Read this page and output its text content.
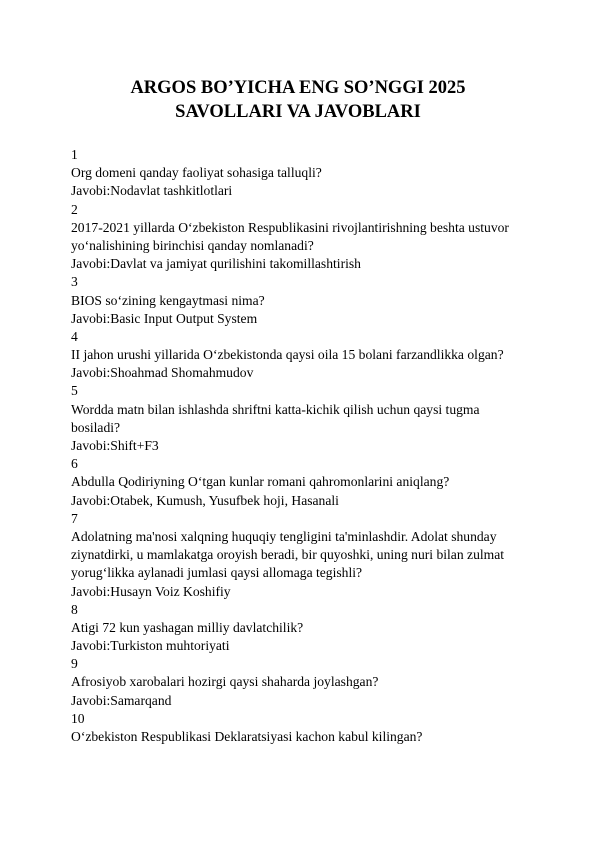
ARGOS BO’YICHA ENG SO’NGGI 2025
SAVOLLARI VA JAVOBLARI
1
Org domeni qanday faoliyat sohasiga talluqli?
Javobi:Nodavlat tashkitlotlari
2
2017-2021 yillarda O‘zbekiston Respublikasini rivojlantirishning beshta ustuvor
yo‘nalishining birinchisi qanday nomlanadi?
Javobi:Davlat va jamiyat qurilishini takomillashtirish
3
BIOS so‘zining kengaytmasi nima?
Javobi:Basic Input Output System
4
II jahon urushi yillarida O‘zbekistonda qaysi oila 15 bolani farzandlikka olgan?
Javobi:Shoahmad Shomahmudov
5
Wordda matn bilan ishlashda shriftni katta-kichik qilish uchun qaysi tugma
bosiladi?
Javobi:Shift+F3
6
Abdulla Qodiriyning O‘tgan kunlar romani qahromonlarini aniqlang?
Javobi:Otabek, Kumush, Yusufbek hoji, Hasanali
7
Adolatning ma'nosi xalqning huquqiy tengligini ta'minlashdir. Adolat shunday
ziynatdirki, u mamlakatga oroyish beradi, bir quyoshki, uning nuri bilan zulmat
yorug‘likka aylanadi jumlasi qaysi allomaga tegishli?
Javobi:Husayn Voiz Koshifiy
8
Atigi 72 kun yashagan milliy davlatchilik?
Javobi:Turkiston muhtoriyati
9
Afrosiyob xarobalari hozirgi qaysi shaharda joylashgan?
Javobi:Samarqand
10
O‘zbekiston Respublikasi Deklaratsiyasi kachon kabul kilingan?
